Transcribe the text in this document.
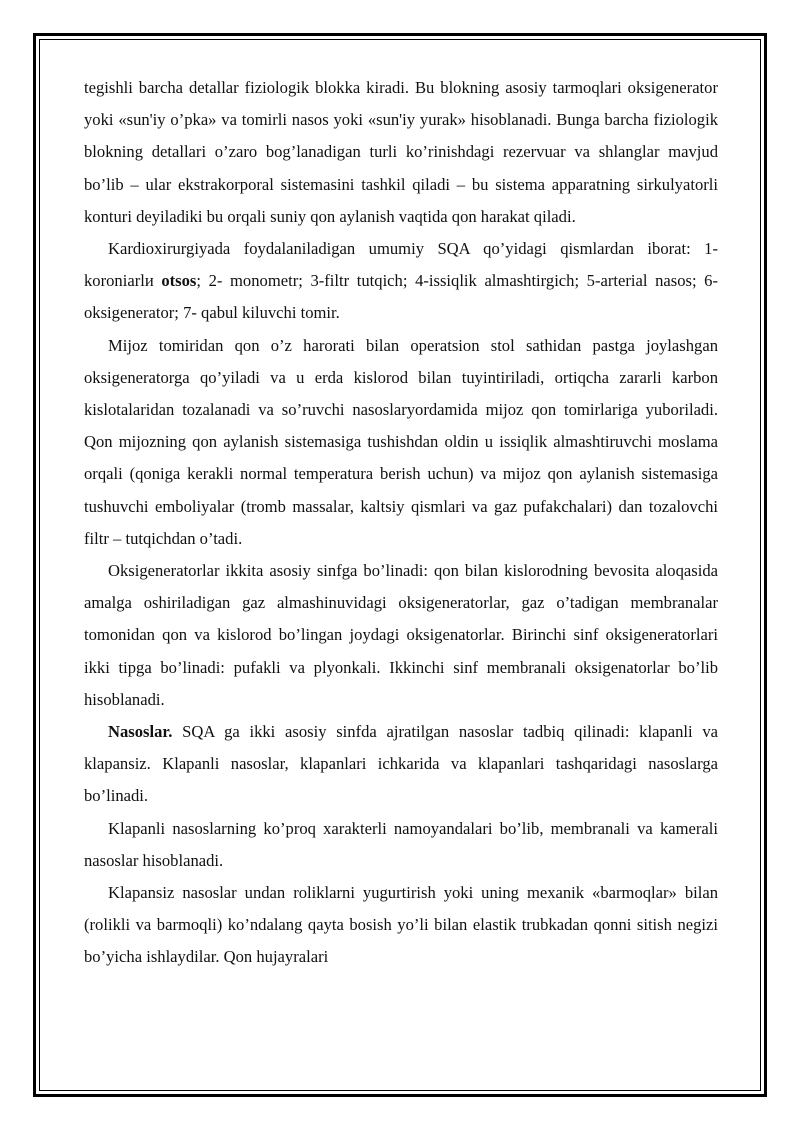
tegishli barcha detallar fiziologik blokka kiradi. Bu blokning asosiy tarmoqlari oksigenerator yoki «sun'iy o’pka» va tomirli nasos yoki «sun'iy yurak» hisoblanadi. Bunga barcha fiziologik blokning detallari o’zaro bog’lanadigan turli ko’rinishdagi rezervuar va shlanglar mavjud bo’lib – ular ekstrakorporal sistemasini tashkil qiladi – bu sistema apparatning sirkulyatorli konturi deyiladiki bu orqali suniy qon aylanish vaqtida qon harakat qiladi.

Kardioxirurgiyada foydalaniladigan umumiy SQA qo’yidagi qismlardan iborat: 1- koroniarlи otsos; 2- monometr; 3-filtr tutqich; 4-issiqlik almashtirgich; 5-arterial nasos; 6-oksigenerator; 7- qabul kiluvchi tomir.

Mijoz tomiridan qon o’z harorati bilan operatsion stol sathidan pastga joylashgan oksigeneratorga qo’yiladi va u erda kislorod bilan tuyintiriladi, ortiqcha zararli karbon kislotalaridan tozalanadi va so’ruvchi nasoslaryordamida mijoz qon tomirlariga yuboriladi. Qon mijozning qon aylanish sistemasiga tushishdan oldin u issiqlik almashtiruvchi moslama orqali (qoniga kerakli normal temperatura berish uchun) va mijoz qon aylanish sistemasiga tushuvchi emboliyalar (tromb massalar, kaltsiy qismlari va gaz pufakchalari) dan tozalovchi filtr – tutqichdan o’tadi.

Oksigeneratorlar ikkita asosiy sinfga bo’linadi: qon bilan kislorodning bevosita aloqasida amalga oshiriladigan gaz almashinuvidagi oksigeneratorlar, gaz o’tadigan membranalar tomonidan qon va kislorod bo’lingan joydagi oksigenatorlar. Birinchi sinf oksigeneratorlari ikki tipga bo’linadi: pufakli va plyonkali. Ikkinchi sinf membranali oksigenatorlar bo’lib hisoblanadi.

Nasoslar. SQA ga ikki asosiy sinfda ajratilgan nasoslar tadbiq qilinadi: klapanli va klapansiz. Klapanli nasoslar, klapanlari ichkarida va klapanlari tashqaridagi nasoslarga bo’linadi.

Klapanli nasoslarning ko’proq xarakterli namoyandalari bo’lib, membranali va kamerali nasoslar hisoblanadi.

Klapansiz nasoslar undan roliklarni yugurtirish yoki uning mexanik «barmoqlar» bilan (rolikli va barmoqli) ko’ndalang qayta bosish yo’li bilan elastik trubkadan qonni sitish negizi bo’yicha ishlaydilar. Qon hujayralari
